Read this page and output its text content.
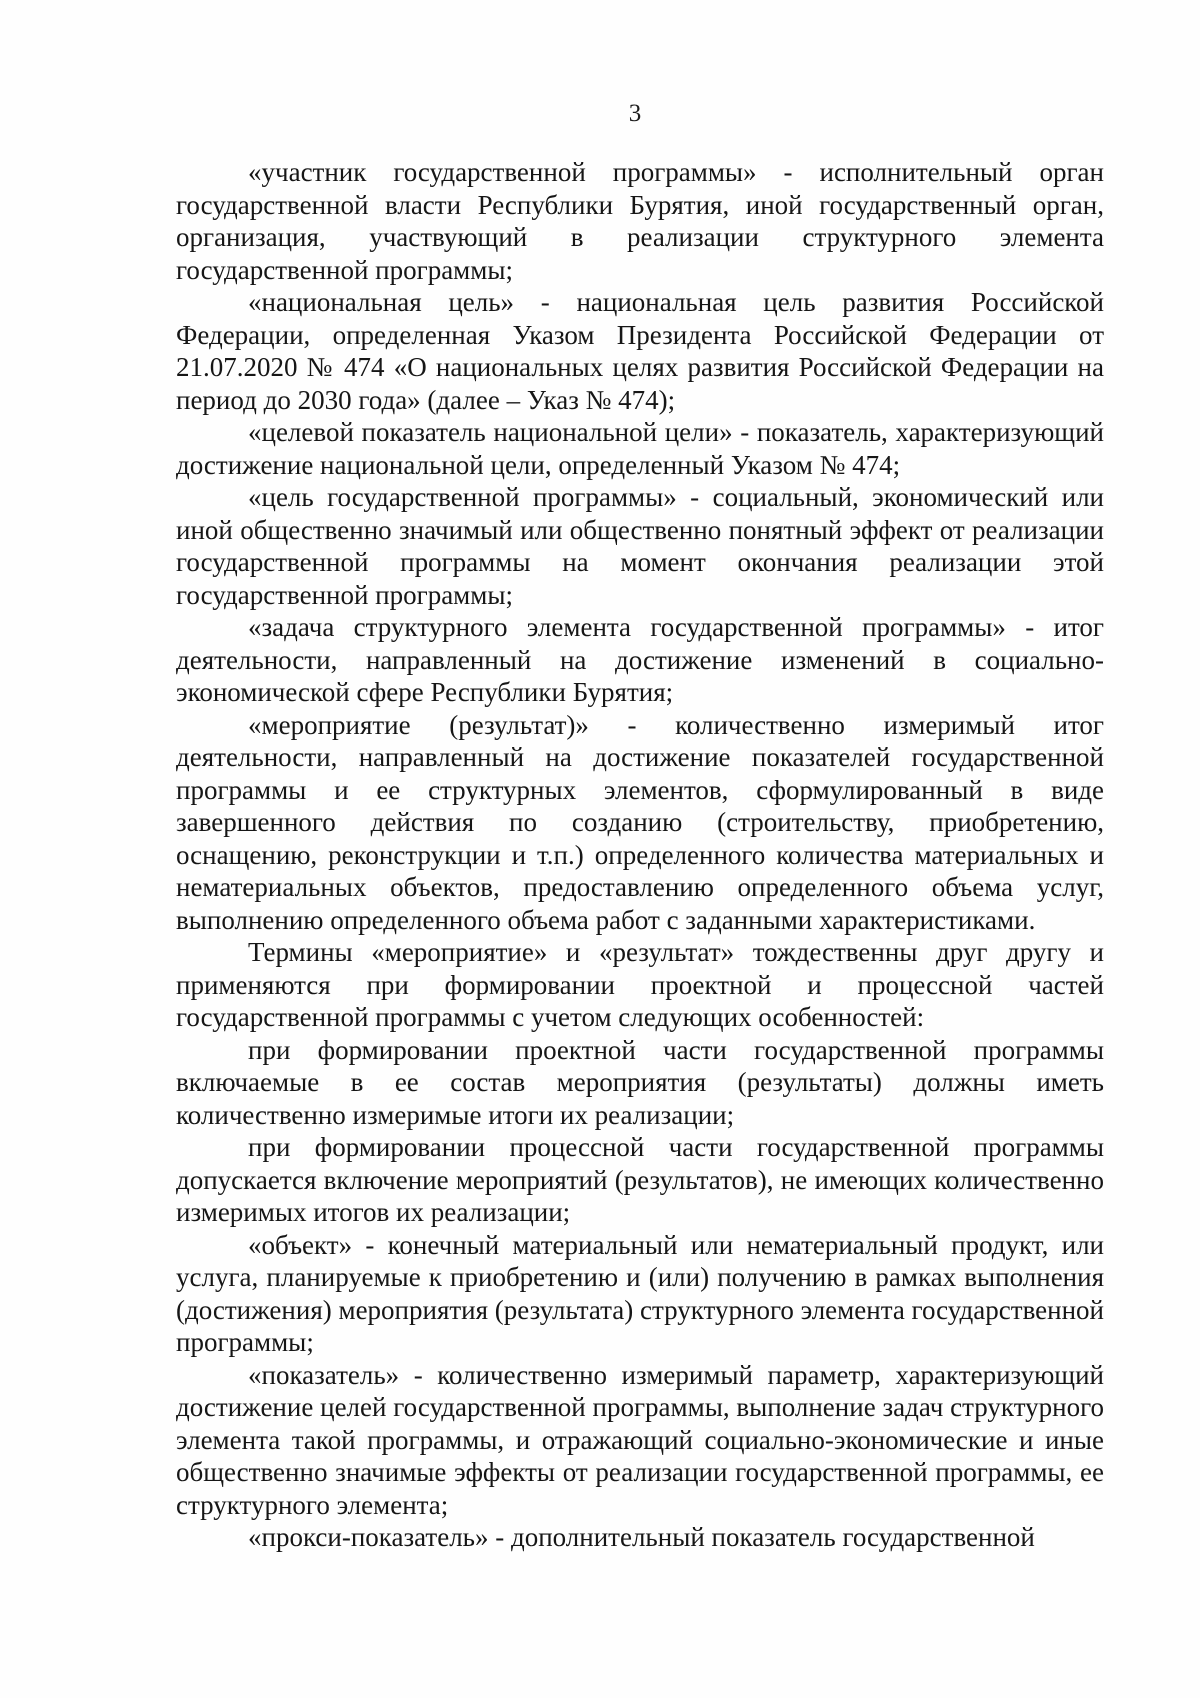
3

«участник государственной программы» - исполнительный орган государственной власти Республики Бурятия, иной государственный орган, организация, участвующий в реализации структурного элемента государственной программы;

«национальная цель» - национальная цель развития Российской Федерации, определенная Указом Президента Российской Федерации от 21.07.2020 № 474 «О национальных целях развития Российской Федерации на период до 2030 года» (далее – Указ № 474);

«целевой показатель национальной цели» - показатель, характеризующий достижение национальной цели, определенный Указом № 474;

«цель государственной программы» - социальный, экономический или иной общественно значимый или общественно понятный эффект от реализации государственной программы на момент окончания реализации этой государственной программы;

«задача структурного элемента государственной программы» - итог деятельности, направленный на достижение изменений в социально-экономической сфере Республики Бурятия;

«мероприятие (результат)» - количественно измеримый итог деятельности, направленный на достижение показателей государственной программы и ее структурных элементов, сформулированный в виде завершенного действия по созданию (строительству, приобретению, оснащению, реконструкции и т.п.) определенного количества материальных и нематериальных объектов, предоставлению определенного объема услуг, выполнению определенного объема работ с заданными характеристиками.

Термины «мероприятие» и «результат» тождественны друг другу и применяются при формировании проектной и процессной частей государственной программы с учетом следующих особенностей:

при формировании проектной части государственной программы включаемые в ее состав мероприятия (результаты) должны иметь количественно измеримые итоги их реализации;

при формировании процессной части государственной программы допускается включение мероприятий (результатов), не имеющих количественно измеримых итогов их реализации;

«объект» - конечный материальный или нематериальный продукт, или услуга, планируемые к приобретению и (или) получению в рамках выполнения (достижения) мероприятия (результата) структурного элемента государственной программы;

«показатель» - количественно измеримый параметр, характеризующий достижение целей государственной программы, выполнение задач структурного элемента такой программы, и отражающий социально-экономические и иные общественно значимые эффекты от реализации государственной программы, ее структурного элемента;

«прокси-показатель» - дополнительный показатель государственной
